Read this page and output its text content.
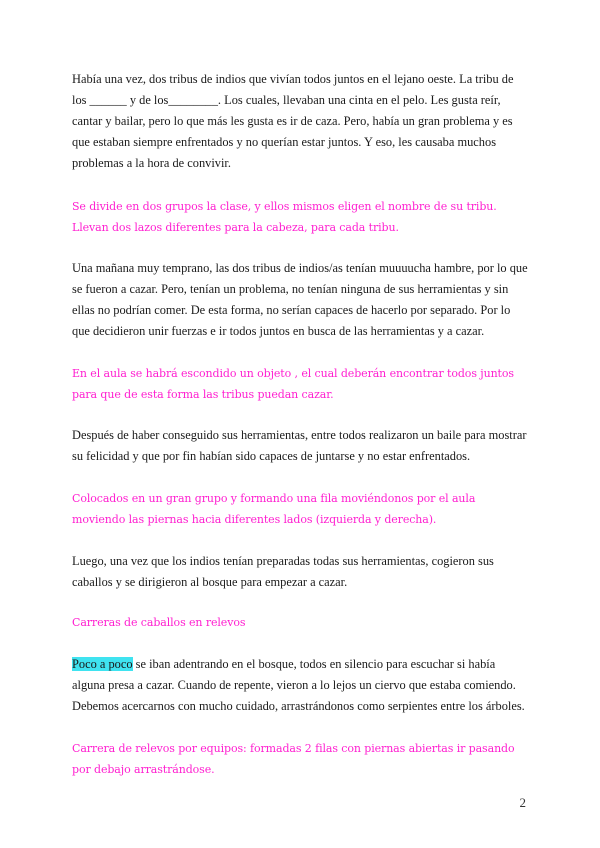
Había una vez, dos tribus de indios que vivían todos juntos en el lejano oeste. La tribu de los ______ y de los________. Los cuales, llevaban una cinta en el pelo. Les gusta reír, cantar y bailar, pero lo que más les gusta es ir de caza. Pero, había un gran problema y es que estaban siempre enfrentados y no querían estar juntos. Y eso, les causaba muchos problemas a la hora de convivir.

Se divide en dos grupos la clase, y ellos mismos eligen el nombre de su tribu.

Llevan dos lazos diferentes para la cabeza, para cada tribu.

Una mañana muy temprano, las dos tribus de indios/as tenían muuuucha hambre, por lo que se fueron a cazar. Pero, tenían un problema, no tenían ninguna de sus herramientas y sin ellas no podrían comer. De esta forma, no serían capaces de hacerlo por separado. Por lo que decidieron unir fuerzas e ir todos juntos en busca de las herramientas y a cazar.

En el aula se habrá escondido un objeto , el cual deberán encontrar todos juntos para que de esta forma las tribus puedan cazar.

Después de haber conseguido sus herramientas, entre todos realizaron un baile para mostrar su felicidad y que por fin habían sido capaces de juntarse y no estar enfrentados.

Colocados en un gran grupo y formando una fila moviéndonos por el aula moviendo las piernas hacia diferentes lados (izquierda y derecha).

Luego, una vez que los indios tenían preparadas todas sus herramientas, cogieron sus caballos y se dirigieron al bosque para empezar a cazar.

Carreras de caballos en relevos

Poco a poco se iban adentrando en el bosque, todos en silencio para escuchar si había alguna presa a cazar. Cuando de repente, vieron a lo lejos un ciervo que estaba comiendo. Debemos acercarnos con mucho cuidado, arrastrándonos como serpientes entre los árboles.

Carrera de relevos por equipos: formadas 2 filas con piernas abiertas ir pasando por debajo arrastrándose.

2
